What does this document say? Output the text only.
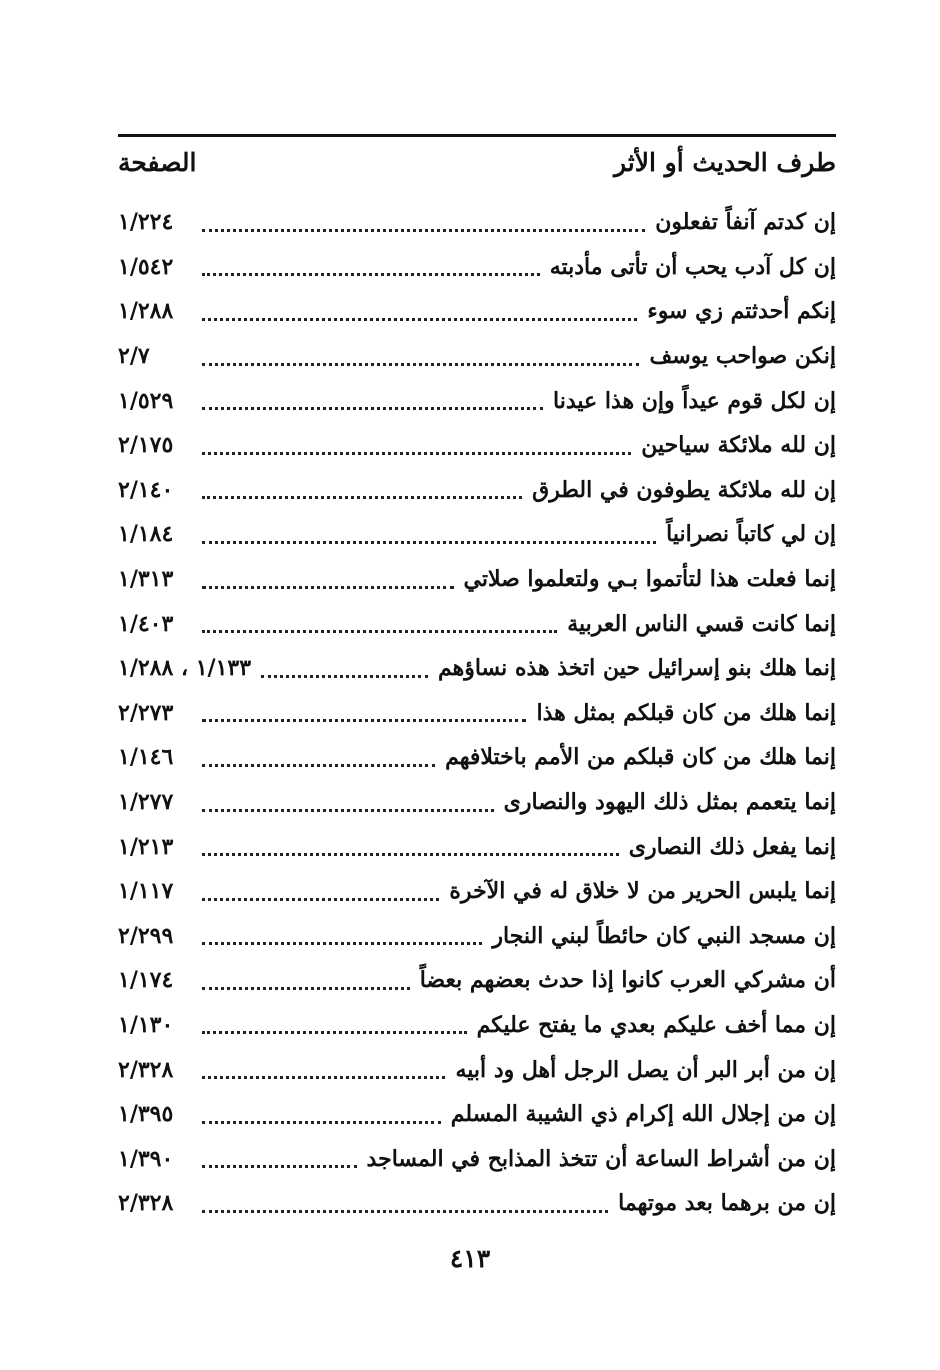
طرف الحديث أو الأثر
الصفحة
إن كدتم آنفاً تفعلون
١/٢٢٤
إن كل آدب يحب أن تأتى مأدبته
١/٥٤٢
إنكم أحدثتم زي سوء
١/٢٨٨
إنكن صواحب يوسف
٢/٧
إن لكل قوم عيداً وإن هذا عيدنا
١/٥٢٩
إن لله ملائكة سياحين
٢/١٧٥
إن لله ملائكة يطوفون في الطرق
٢/١٤٠
إن لي كاتباً نصرانياً
١/١٨٤
إنما فعلت هذا لتأتموا بـي ولتعلموا صلاتي
١/٣١٣
إنما كانت قسي الناس العربية
١/٤٠٣
إنما هلك بنو إسرائيل حين اتخذ هذه نساؤهم
١/١٣٣ ، ١/٢٨٨
إنما هلك من كان قبلكم بمثل هذا
٢/٢٧٣
إنما هلك من كان قبلكم من الأمم باختلافهم
١/١٤٦
إنما يتعمم بمثل ذلك اليهود والنصارى
١/٢٧٧
إنما يفعل ذلك النصارى
١/٢١٣
إنما يلبس الحرير من لا خلاق له في الآخرة
١/١١٧
إن مسجد النبي كان حائطاً لبني النجار
٢/٢٩٩
أن مشركي العرب كانوا إذا حدث بعضهم بعضاً
١/١٧٤
إن مما أخف عليكم بعدي ما يفتح عليكم
١/١٣٠
إن من أبر البر أن يصل الرجل أهل ود أبيه
٢/٣٢٨
إن من إجلال الله إكرام ذي الشيبة المسلم
١/٣٩٥
إن من أشراط الساعة أن تتخذ المذابح في المساجد
١/٣٩٠
إن من برهما بعد موتهما
٢/٣٢٨
٤١٣
